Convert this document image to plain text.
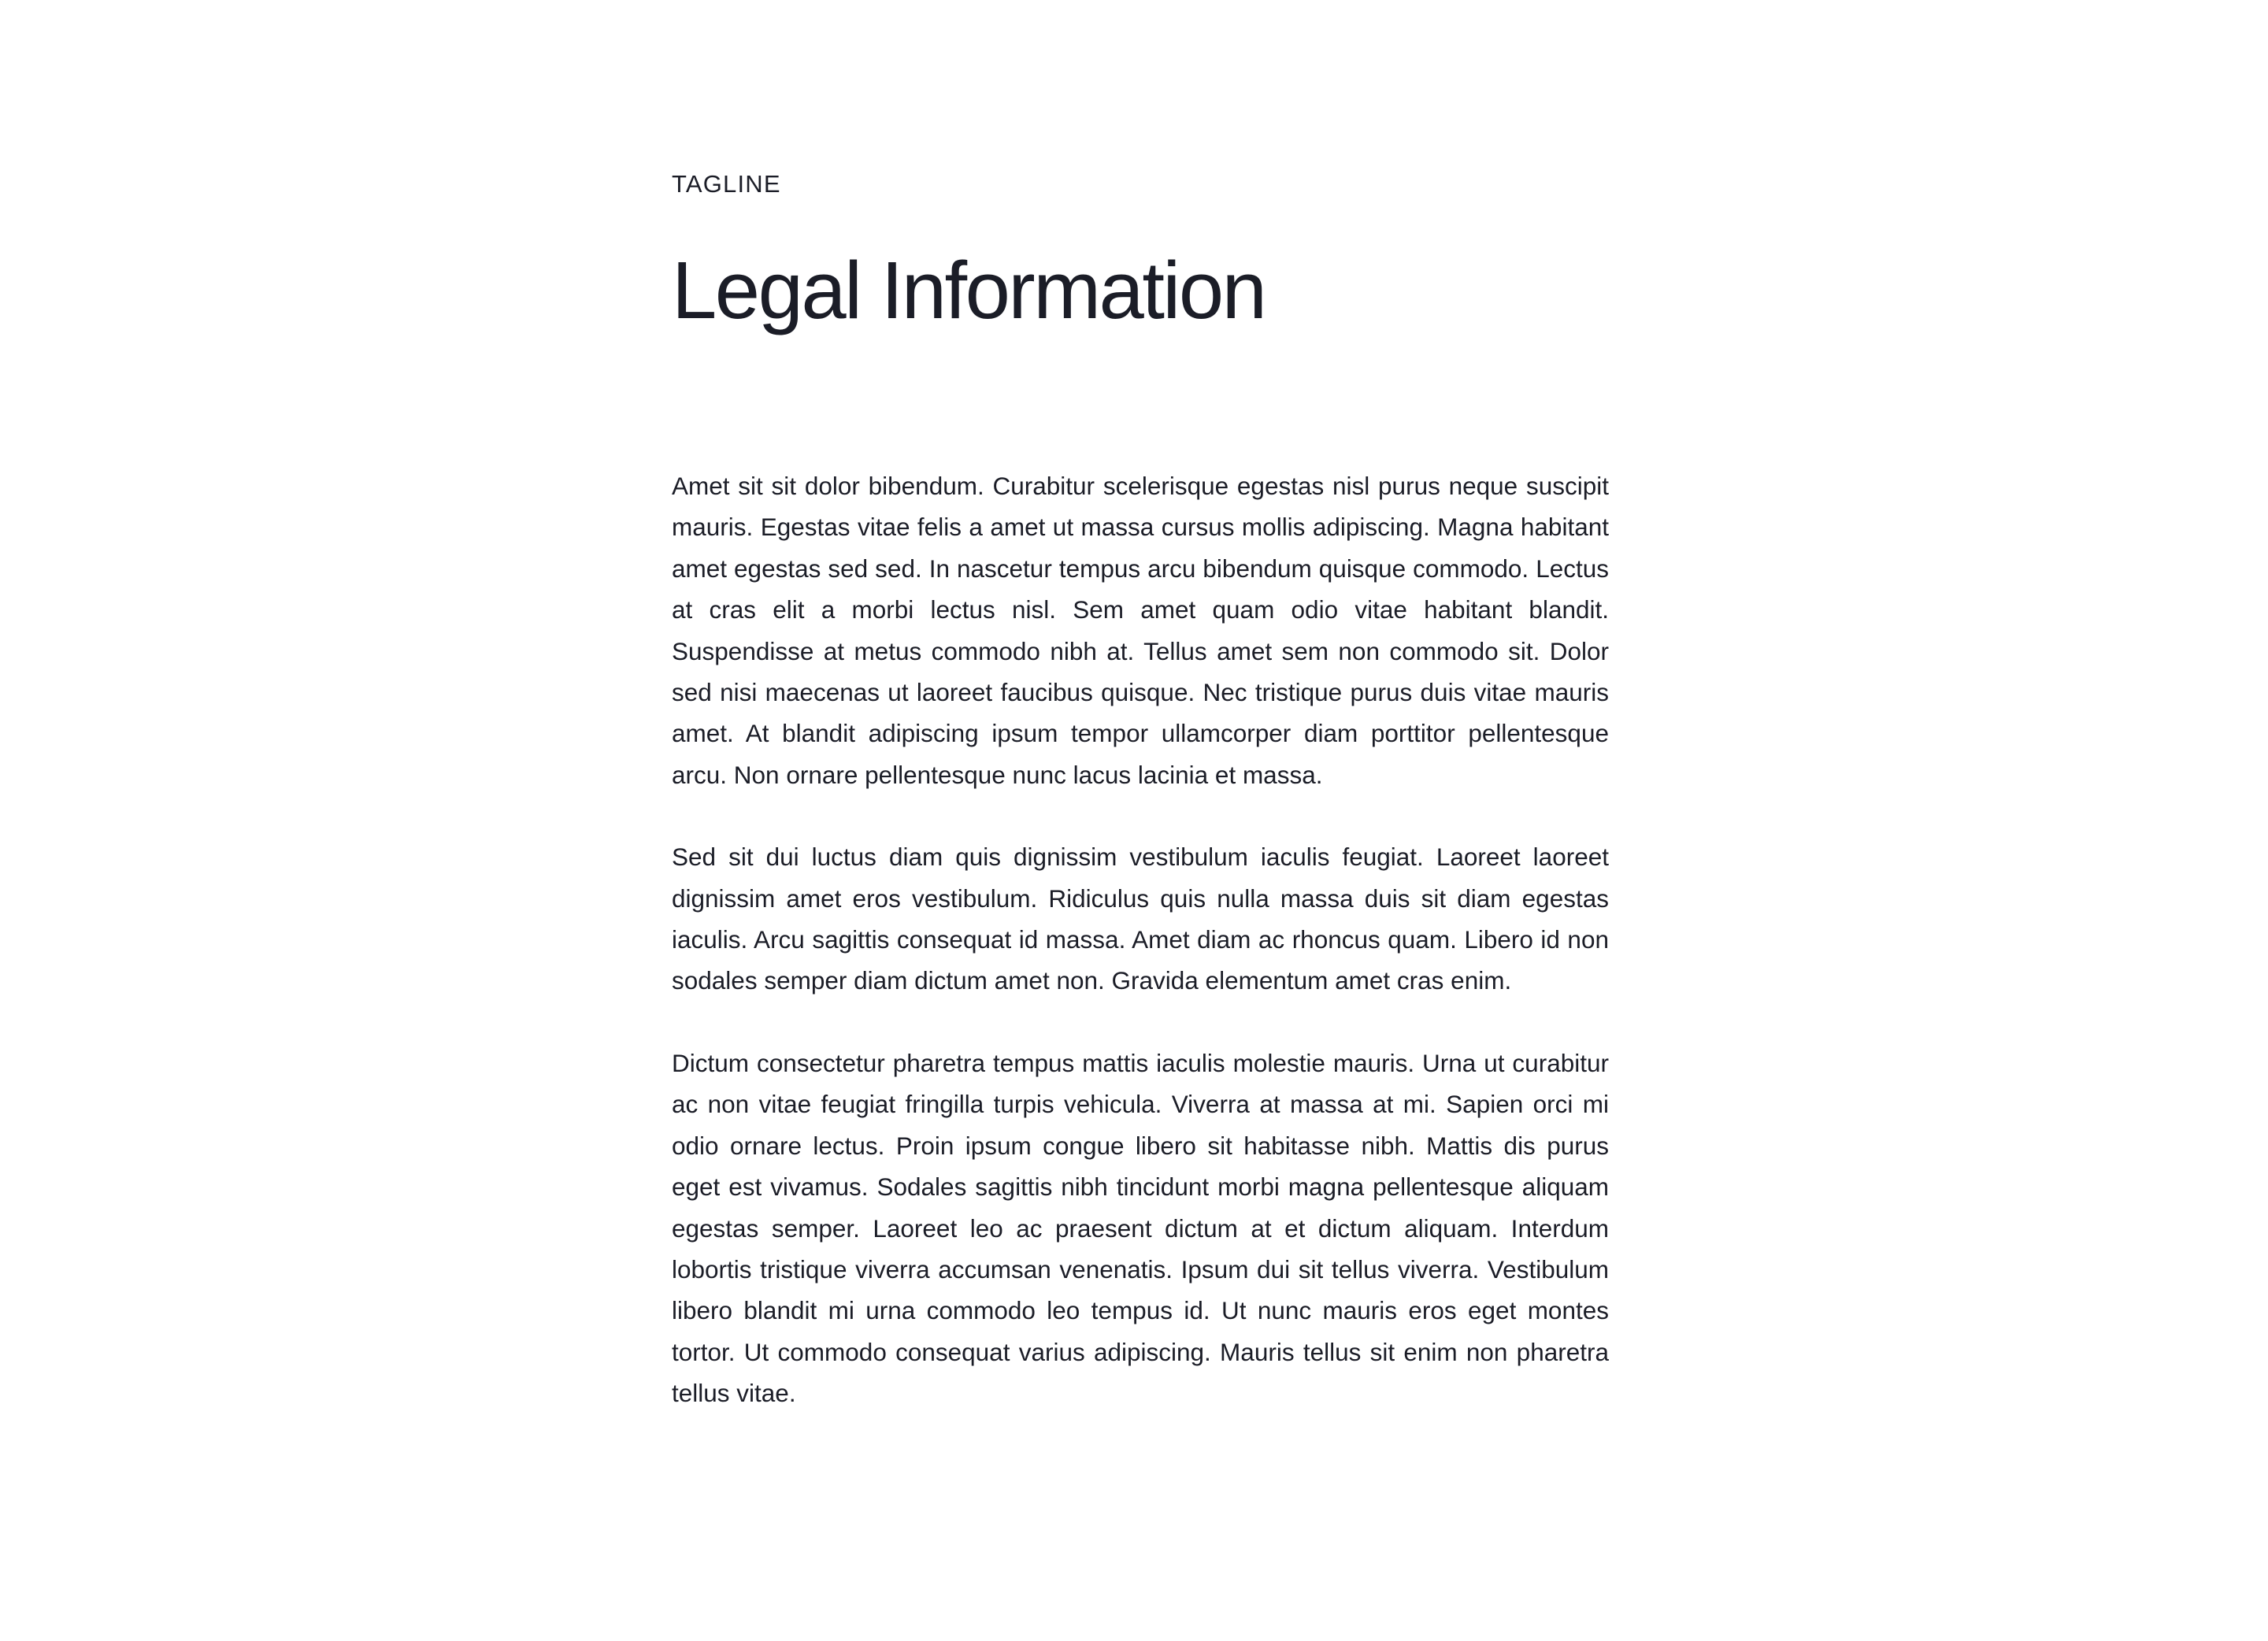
TAGLINE
Legal Information

Amet sit sit dolor bibendum. Curabitur scelerisque egestas nisl purus neque suscipit mauris. Egestas vitae felis a amet ut massa cursus mollis adipiscing. Magna habitant amet egestas sed sed. In nascetur tempus arcu bibendum quisque commodo. Lectus at cras elit a morbi lectus nisl. Sem amet quam odio vitae habitant blandit. Suspendisse at metus commodo nibh at. Tellus amet sem non commodo sit. Dolor sed nisi maecenas ut laoreet faucibus quisque. Nec tristique purus duis vitae mauris amet. At blandit adipiscing ipsum tempor ullamcorper diam porttitor pellentesque arcu. Non ornare pellentesque nunc lacus lacinia et massa.

Sed sit dui luctus diam quis dignissim vestibulum iaculis feugiat. Laoreet laoreet dignissim amet eros vestibulum. Ridiculus quis nulla massa duis sit diam egestas iaculis. Arcu sagittis consequat id massa. Amet diam ac rhoncus quam. Libero id non sodales semper diam dictum amet non. Gravida elementum amet cras enim.

Dictum consectetur pharetra tempus mattis iaculis molestie mauris. Urna ut curabitur ac non vitae feugiat fringilla turpis vehicula. Viverra at massa at mi. Sapien orci mi odio ornare lectus. Proin ipsum congue libero sit habitasse nibh. Mattis dis purus eget est vivamus. Sodales sagittis nibh tincidunt morbi magna pellentesque aliquam egestas semper. Laoreet leo ac praesent dictum at et dictum aliquam. Interdum lobortis tristique viverra accumsan venenatis. Ipsum dui sit tellus viverra. Vestibulum libero blandit mi urna commodo leo tempus id. Ut nunc mauris eros eget montes tortor. Ut commodo consequat varius adipiscing. Mauris tellus sit enim non pharetra tellus vitae.
